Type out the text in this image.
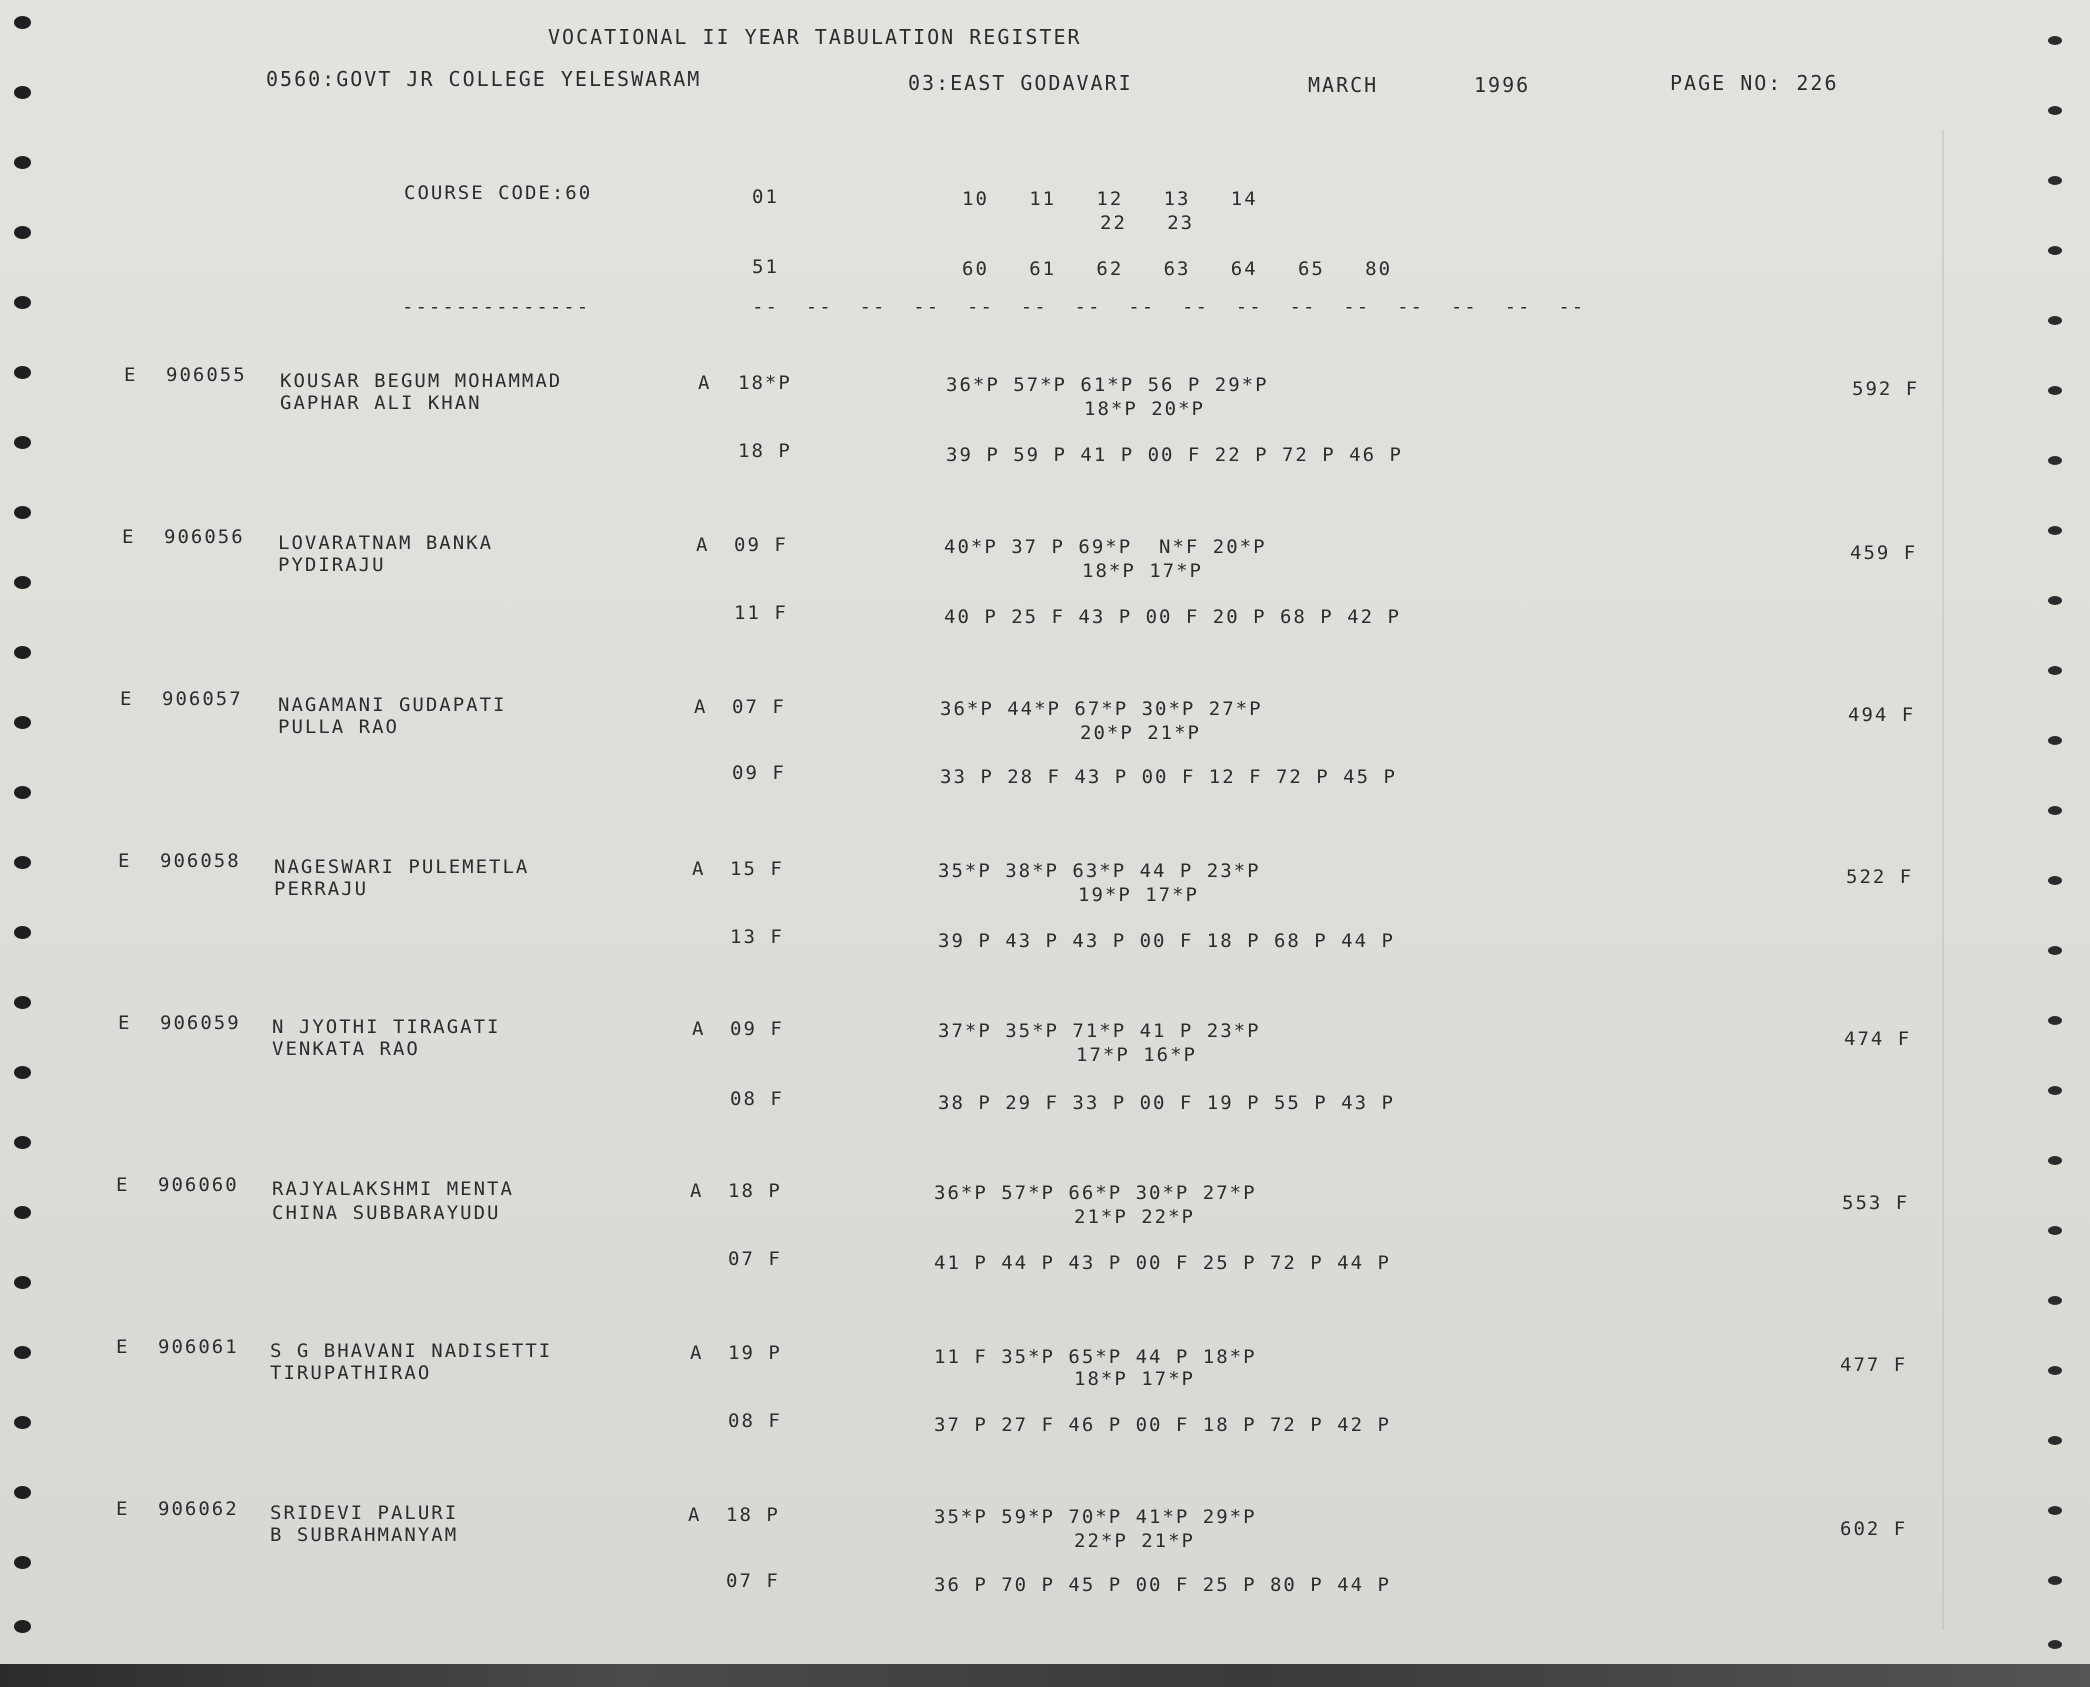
VOCATIONAL II YEAR TABULATION REGISTER
0560:GOVT JR COLLEGE YELESWARAM	03:EAST GODAVARI	MARCH	1996	PAGE NO: 226
COURSE CODE:60	01	10   11   12   13   14
22   23
51	60   61   62   63   64   65   80
--------------	--  --  --  --  --  --  --  --  --  --  --  --  --  --  --  --
E 906055 KOUSAR BEGUM MOHAMMAD
GAPHAR ALI KHAN
A 18*P	36*P 57*P 61*P 56 P 29*P
18*P 20*P
18 P	39 P 59 P 41 P 00 F 22 P 72 P 46 P
592 F
E 906056 LOVARATNAM BANKA
PYDIRAJU
A 09 F	40*P 37 P 69*P  N*F 20*P
18*P 17*P
11 F	40 P 25 F 43 P 00 F 20 P 68 P 42 P
459 F
E 906057 NAGAMANI GUDAPATI
PULLA RAO
A 07 F	36*P 44*P 67*P 30*P 27*P
20*P 21*P
09 F	33 P 28 F 43 P 00 F 12 F 72 P 45 P
494 F
E 906058 NAGESWARI PULEMETLA
PERRAJU
A 15 F	35*P 38*P 63*P 44 P 23*P
19*P 17*P
13 F	39 P 43 P 43 P 00 F 18 P 68 P 44 P
522 F
E 906059 N JYOTHI TIRAGATI
VENKATA RAO
A 09 F	37*P 35*P 71*P 41 P 23*P
17*P 16*P
08 F	38 P 29 F 33 P 00 F 19 P 55 P 43 P
474 F
E 906060 RAJYALAKSHMI MENTA
CHINA SUBBARAYUDU
A 18 P	36*P 57*P 66*P 30*P 27*P
21*P 22*P
07 F	41 P 44 P 43 P 00 F 25 P 72 P 44 P
553 F
E 906061 S G BHAVANI NADISETTI
TIRUPATHIRAO
A 19 P	11 F 35*P 65*P 44 P 18*P
18*P 17*P
08 F	37 P 27 F 46 P 00 F 18 P 72 P 42 P
477 F
E 906062 SRIDEVI PALURI
B SUBRAHMANYAM
A 18 P	35*P 59*P 70*P 41*P 29*P
22*P 21*P
07 F	36 P 70 P 45 P 00 F 25 P 80 P 44 P
602 F
